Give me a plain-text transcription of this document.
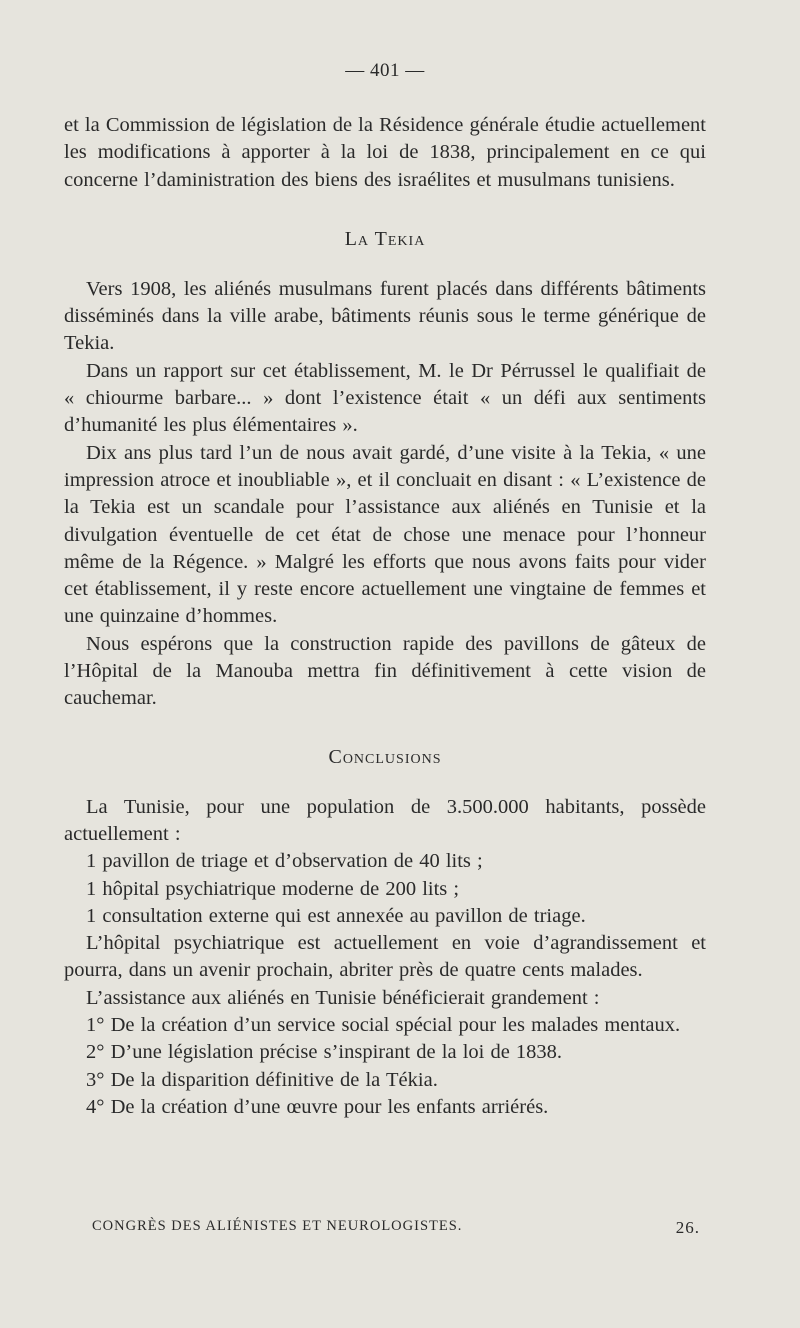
— 401 —

et la Commission de législation de la Résidence générale étudie actuellement les modifications à apporter à la loi de 1838, principalement en ce qui concerne l’daministration des biens des israélites et musulmans tunisiens.

La Tekia

Vers 1908, les aliénés musulmans furent placés dans différents bâtiments disséminés dans la ville arabe, bâtiments réunis sous le terme générique de Tekia.

Dans un rapport sur cet établissement, M. le Dr Pérrussel le qualifiait de « chiourme barbare... » dont l’existence était « un défi aux sentiments d’humanité les plus élémentaires ».

Dix ans plus tard l’un de nous avait gardé, d’une visite à la Tekia, « une impression atroce et inoubliable », et il concluait en disant : « L’existence de la Tekia est un scandale pour l’assistance aux aliénés en Tunisie et la divulgation éventuelle de cet état de chose une menace pour l’honneur même de la Régence. » Malgré les efforts que nous avons faits pour vider cet établissement, il y reste encore actuellement une vingtaine de femmes et une quinzaine d’hommes.

Nous espérons que la construction rapide des pavillons de gâteux de l’Hôpital de la Manouba mettra fin définitivement à cette vision de cauchemar.

Conclusions

La Tunisie, pour une population de 3.500.000 habitants, possède actuellement :

1 pavillon de triage et d’observation de 40 lits ;

1 hôpital psychiatrique moderne de 200 lits ;

1 consultation externe qui est annexée au pavillon de triage.

L’hôpital psychiatrique est actuellement en voie d’agrandissement et pourra, dans un avenir prochain, abriter près de quatre cents malades.

L’assistance aux aliénés en Tunisie bénéficierait grandement :

1° De la création d’un service social spécial pour les malades mentaux.

2° D’une législation précise s’inspirant de la loi de 1838.

3° De la disparition définitive de la Tékia.

4° De la création d’une œuvre pour les enfants arriérés.

CONGRÈS DES ALIÉNISTES ET NEUROLOGISTES.	26.
